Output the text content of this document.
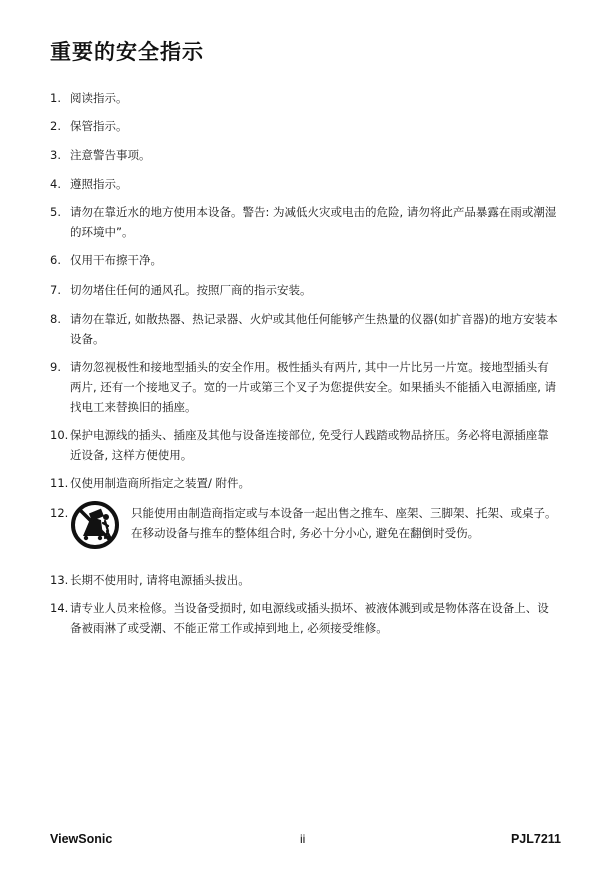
重要的安全指示
1. 阅读指示。
2. 保管指示。
3. 注意警告事项。
4. 遵照指示。
5. 请勿在靠近水的地方使用本设备。警告: 为减低火灾或电击的危险, 请勿将此产品暴露在雨或潮湿的环境中”。
6. 仅用干布擦干净。
7. 切勿堵住任何的通风孔。按照厂商的指示安装。
8. 请勿在靠近, 如散热器、热记录器、火炉或其他任何能够产生热量的仪器(如扩音器)的地方安装本设备。
9. 请勿忽视极性和接地型插头的安全作用。极性插头有两片, 其中一片比另一片宽。接地型插头有两片, 还有一个接地叉子。宽的一片或第三个叉子为您提供安全。如果插头不能插入电源插座, 请找电工来替换旧的插座。
10. 保护电源线的插头、插座及其他与设备连接部位, 免受行人践踏或物品挤压。务必将电源插座靠近设备, 这样方便使用。
11. 仅使用制造商所指定之装置/ 附件。
12.	只能使用由制造商指定或与本设备一起出售之推车、座架、三脚架、托架、或桌子。在移动设备与推车的整体组合时, 务必十分小心, 避免在翻倒时受伤。
13. 长期不使用时, 请将电源插头拔出。
14. 请专业人员来检修。当设备受损时, 如电源线或插头损坏、被液体溅到或是物体落在设备上、设备被雨淋了或受潮、不能正常工作或掉到地上, 必须接受维修。
ViewSonic	ii	PJL7211
